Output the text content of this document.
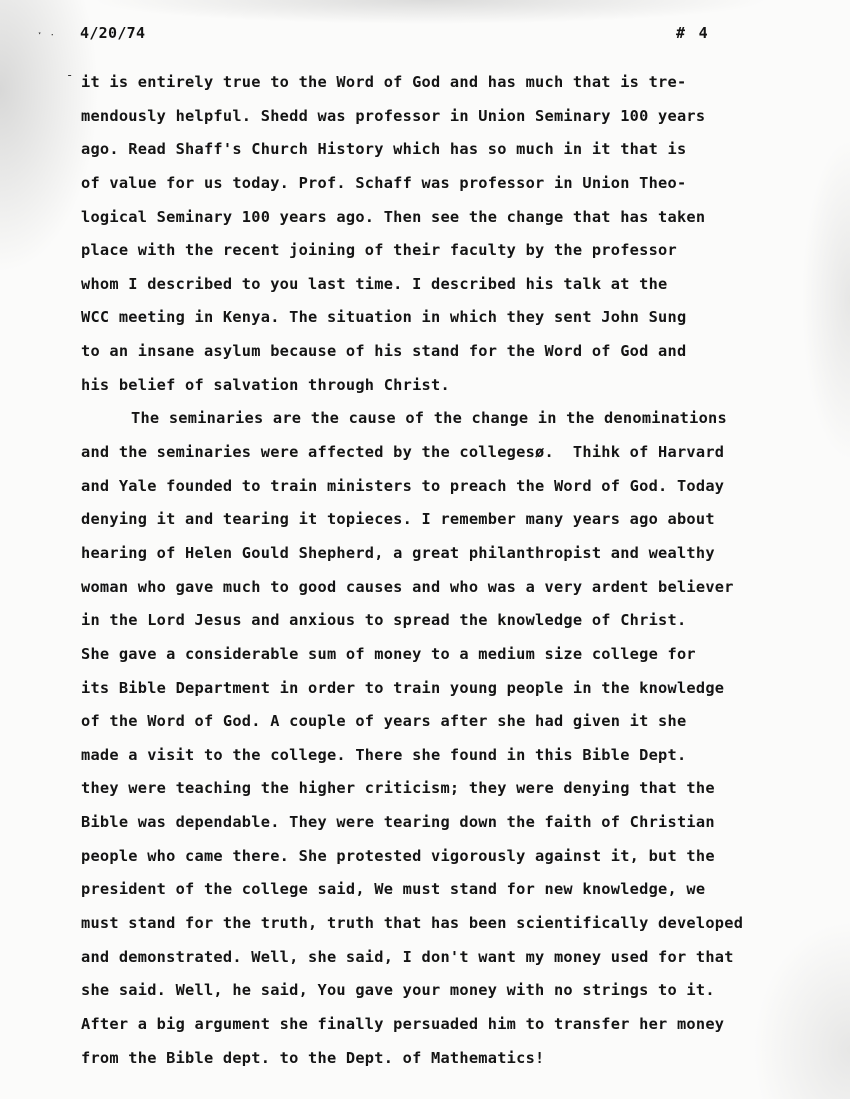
ˑ ᐧ
-
4/20/74	# 4
it is entirely true to the Word of God and has much that is tre-
mendously helpful. Shedd was professor in Union Seminary 100 years
ago. Read Shaff's Church History which has so much in it that is
of value for us today. Prof. Schaff was professor in Union Theo-
logical Seminary 100 years ago. Then see the change that has taken
place with the recent joining of their faculty by the professor
whom I described to you last time. I described his talk at the
WCC meeting in Kenya. The situation in which they sent John Sung
to an insane asylum because of his stand for the Word of God and
his belief of salvation through Christ.
The seminaries are the cause of the change in the denominations
and the seminaries were affected by the collegesø.  Thihk of Harvard
and Yale founded to train ministers to preach the Word of God. Today
denying it and tearing it topieces. I remember many years ago about
hearing of Helen Gould Shepherd, a great philanthropist and wealthy
woman who gave much to good causes and who was a very ardent believer
in the Lord Jesus and anxious to spread the knowledge of Christ.
She gave a considerable sum of money to a medium size college for
its Bible Department in order to train young people in the knowledge
of the Word of God. A couple of years after she had given it she
made a visit to the college. There she found in this Bible Dept.
they were teaching the higher criticism; they were denying that the
Bible was dependable. They were tearing down the faith of Christian
people who came there. She protested vigorously against it, but the
president of the college said, We must stand for new knowledge, we
must stand for the truth, truth that has been scientifically developed
and demonstrated. Well, she said, I don't want my money used for that
she said. Well, he said, You gave your money with no strings to it.
After a big argument she finally persuaded him to transfer her money
from the Bible dept. to the Dept. of Mathematics!
